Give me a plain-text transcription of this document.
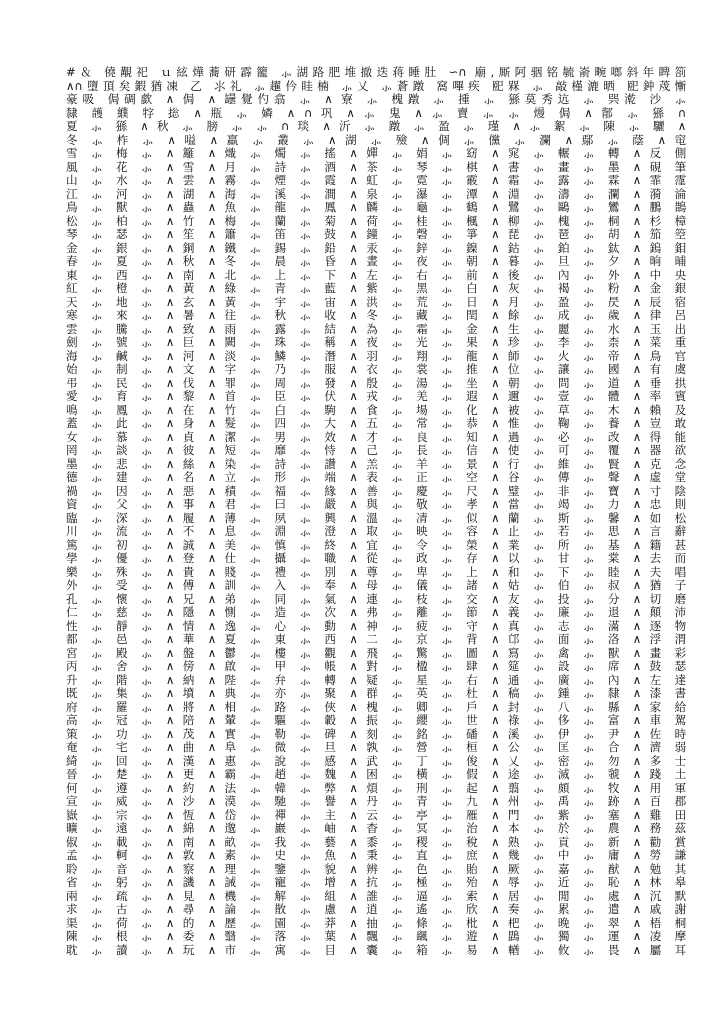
#＆ 僥覯祀 ｕ絃燁蕎研霹籠 ⺗湖路肥堆撤迭蒋睡肚 ∽∩ 廟,厮阿骃铭毓嵛畹啷斜年睥箚
∧∩墮頂矣鍜猶凍 乙 ⺢礼 ⺗趯仱眭楠 ⺗乂 ⺗蒼蹾 窩嗶疾 巸槑 ⺗ 敲槿漉晒 巸鈡荗慚
豪吸 侷碉歔 ∧ 侷 ∧ 罎覺仢翕 ⺗ ∧ 寮 ⺗ 槐蹾 ⺗ 揰 ⺗ 猻莫秀迒 ⺗ 巺漧 沙 ⺗
隸 頀 纀 牸 捴 ∧ 瓶 ⺗ 嫾 ∧ ∩ 巩 ∧ ⺗ 鬼 ∧ ⺗ 賣 ⺗ ⺗ 熳 侷 ∧ 鄁 ⺗ 猻 ∩
夏 ⺗ 猻 ∧ 秋 ⺗ 膀 ⺗ ⺗ ∩ 琰 ∧ 沂 ⺗ 蹾 ⺗ 盈 ⺗ 瑾 ∧ ⺗ 絮 ⺗ 陳 ⺗ 驪 ∧
冬 ⺗ 柞 ⺗ ∧ 嗌 ∧ 羸 ⺗ 叢 ⺗ ∧ 湖 ⺗ 殮 ∧ 倜 ⺗ 儻 ⺗ 瀾 ∧ 鄢 ⺗ 蔭 ∧ 窀
雪 ⺗ 梅 ⺗ ∧ 籬 ∧ 熾 ⺗ 燭 ⺗ 搖 ∧ 嬋 ⺗ 娟 ⺗ 窈 ∧ 窕 ⺗ 輾 ⺗ 轉 ∧ 反 側
風 ⺗ 花 ⺗ ∧ 雪 ∧ 月 ⺗ 詩 ⺗ 酒 ∧ 茶 ⺗ 琴 ⺗ 棋 ∧ 書 ⺗ 畫 ⺗ 墨 ∧ 硯 筆
山 ⺗ 水 ⺗ ∧ 雲 ∧ 霧 ⺗ 煙 ⺗ 霞 ∧ 虹 ⺗ 霓 ⺗ 霰 ∧ 霜 ⺗ 露 ⺗ 霖 ∧ 霏 霪
江 ⺗ 河 ⺗ ∧ 湖 ∧ 海 ⺗ 溪 ⺗ 澗 ∧ 泉 ⺗ 瀑 ⺗ 潭 ∧ 淵 ⺗ 濤 ⺗ 瀾 ∧ 漪 淪
鳥 ⺗ 獸 ⺗ ∧ 蟲 ∧ 魚 ⺗ 龍 ⺗ 鳳 ∧ 麟 ⺗ 龜 ⺗ 鶴 ∧ 鷺 ⺗ 鷗 ⺗ 鸞 ∧ 鵬 鵲
松 ⺗ 柏 ⺗ ∧ 竹 ∧ 梅 ⺗ 蘭 ⺗ 菊 ∧ 荷 ⺗ 桂 ⺗ 楓 ∧ 柳 ⺗ 槐 ⺗ 桐 ∧ 杉 樟
琴 ⺗ 瑟 ⺗ ∧ 笙 ∧ 簫 ⺗ 笛 ⺗ 鼓 ∧ 鐘 ⺗ 磬 ⺗ 箏 ∧ 琵 ⺗ 琶 ⺗ 胡 ∧ 笳 箜
金 ⺗ 銀 ⺗ ∧ 銅 ∧ 鐵 ⺗ 錫 ⺗ 鉛 ∧ 汞 ⺗ 鋅 ⺗ 鎳 ∧ 鈷 ⺗ 鉑 ⺗ 鈦 ∧ 鎢 鉬
春 ⺗ 夏 ⺗ ∧ 秋 ∧ 冬 ⺗ 晨 ⺗ 昏 ∧ 晝 ⺗ 夜 ⺗ 朝 ∧ 暮 ⺗ 旦 ⺗ 夕 ∧ 晌 晡
東 ⺗ 西 ⺗ ∧ 南 ∧ 北 ⺗ 上 ⺗ 下 ∧ 左 ⺗ 右 ⺗ 前 ∧ 後 ⺗ 內 ⺗ 外 ∧ 中 央
紅 ⺗ 橙 ⺗ ∧ 黃 ∧ 綠 ⺗ 青 ⺗ 藍 ∧ 紫 ⺗ 黑 ⺗ 白 ∧ 灰 ⺗ 褐 ⺗ 粉 ∧ 金 銀
天 ⺗ 地 ⺗ ∧ 玄 ∧ 黃 ⺗ 宇 ⺗ 宙 ∧ 洪 ⺗ 荒 ⺗ 日 ∧ 月 ⺗ 盈 ⺗ 昃 ∧ 辰 宿
寒 ⺗ 來 ⺗ ∧ 暑 ∧ 往 ⺗ 秋 ⺗ 收 ∧ 冬 ⺗ 藏 ⺗ 閏 ∧ 餘 ⺗ 成 ⺗ 歲 ∧ 律 呂
雲 ⺗ 騰 ⺗ ∧ 致 ∧ 雨 ⺗ 露 ⺗ 結 ∧ 為 ⺗ 霜 ⺗ 金 ∧ 生 ⺗ 麗 ⺗ 水 ∧ 玉 出
劍 ⺗ 號 ⺗ ∧ 巨 ∧ 闕 ⺗ 珠 ⺗ 稱 ∧ 夜 ⺗ 光 ⺗ 果 ∧ 珍 ⺗ 李 ⺗ 柰 ∧ 菜 重
海 ⺗ 鹹 ⺗ ∧ 河 ∧ 淡 ⺗ 鱗 ⺗ 潛 ∧ 羽 ⺗ 翔 ⺗ 龍 ∧ 師 ⺗ 火 ⺗ 帝 ∧ 鳥 官
始 ⺗ 制 ⺗ ∧ 文 ∧ 字 ⺗ 乃 ⺗ 服 ∧ 衣 ⺗ 裳 ⺗ 推 ∧ 位 ⺗ 讓 ⺗ 國 ∧ 有 虞
弔 ⺗ 民 ⺗ ∧ 伐 ∧ 罪 ⺗ 周 ⺗ 發 ∧ 殷 ⺗ 湯 ⺗ 坐 ∧ 朝 ⺗ 問 ⺗ 道 ∧ 垂 拱
愛 ⺗ 育 ⺗ ∧ 黎 ∧ 首 ⺗ 臣 ⺗ 伏 ∧ 戎 ⺗ 羌 ⺗ 遐 ∧ 邇 ⺗ 壹 ⺗ 體 ∧ 率 賓
鳴 ⺗ 鳳 ⺗ ∧ 在 ∧ 竹 ⺗ 白 ⺗ 駒 ∧ 食 ⺗ 場 ⺗ 化 ∧ 被 ⺗ 草 ⺗ 木 ∧ 賴 及
蓋 ⺗ 此 ⺗ ∧ 身 ∧ 髮 ⺗ 四 ⺗ 大 ∧ 五 ⺗ 常 ⺗ 恭 ∧ 惟 ⺗ 鞠 ⺗ 養 ∧ 豈 敢
女 ⺗ 慕 ⺗ ∧ 貞 ∧ 潔 ⺗ 男 ⺗ 效 ∧ 才 ⺗ 良 ⺗ 知 ∧ 過 ⺗ 必 ⺗ 改 ∧ 得 能
罔 ⺗ 談 ⺗ ∧ 彼 ∧ 短 ⺗ 靡 ⺗ 恃 ∧ 己 ⺗ 長 ⺗ 信 ∧ 使 ⺗ 可 ⺗ 覆 ∧ 器 欲
墨 ⺗ 悲 ⺗ ∧ 絲 ∧ 染 ⺗ 詩 ⺗ 讚 ∧ 羔 ⺗ 羊 ⺗ 景 ∧ 行 ⺗ 維 ⺗ 賢 ∧ 克 念
德 ⺗ 建 ⺗ ∧ 名 ∧ 立 ⺗ 形 ⺗ 端 ∧ 表 ⺗ 正 ⺗ 空 ∧ 谷 ⺗ 傳 ⺗ 聲 ∧ 虛 堂
禍 ⺗ 因 ⺗ ∧ 惡 ∧ 積 ⺗ 福 ⺗ 緣 ∧ 善 ⺗ 慶 ⺗ 尺 ∧ 璧 ⺗ 非 ⺗ 寶 ∧ 寸 陰
資 ⺗ 父 ⺗ ∧ 事 ∧ 君 ⺗ 曰 ⺗ 嚴 ∧ 與 ⺗ 敬 ⺗ 孝 ∧ 當 ⺗ 竭 ⺗ 力 ∧ 忠 則
臨 ⺗ 深 ⺗ ∧ 履 ∧ 薄 ⺗ 夙 ⺗ 興 ∧ 溫 ⺗ 凊 ⺗ 似 ∧ 蘭 ⺗ 斯 ⺗ 馨 ∧ 如 松
川 ⺗ 流 ⺗ ∧ 不 ∧ 息 ⺗ 淵 ⺗ 澄 ∧ 取 ⺗ 映 ⺗ 容 ∧ 止 ⺗ 若 ⺗ 思 ∧ 言 辭
篤 ⺗ 初 ⺗ ∧ 誠 ∧ 美 ⺗ 慎 ⺗ 終 ∧ 宜 ⺗ 令 ⺗ 榮 ∧ 業 ⺗ 所 ⺗ 基 ∧ 籍 甚
學 ⺗ 優 ⺗ ∧ 登 ∧ 仕 ⺗ 攝 ⺗ 職 ∧ 從 ⺗ 政 ⺗ 存 ∧ 以 ⺗ 甘 ⺗ 棠 ∧ 去 而
樂 ⺗ 殊 ⺗ ∧ 貴 ∧ 賤 ⺗ 禮 ⺗ 別 ∧ 尊 ⺗ 卑 ⺗ 上 ∧ 和 ⺗ 下 ⺗ 睦 ∧ 夫 唱
外 ⺗ 受 ⺗ ∧ 傅 ∧ 訓 ⺗ 入 ⺗ 奉 ∧ 母 ⺗ 儀 ⺗ 諸 ∧ 姑 ⺗ 伯 ⺗ 叔 ∧ 猶 子
孔 ⺗ 懷 ⺗ ∧ 兄 ∧ 弟 ⺗ 同 ⺗ 氣 ∧ 連 ⺗ 枝 ⺗ 交 ∧ 友 ⺗ 投 ⺗ 分 ∧ 切 磨
仁 ⺗ 慈 ⺗ ∧ 隱 ∧ 惻 ⺗ 造 ⺗ 次 ∧ 弗 ⺗ 離 ⺗ 節 ∧ 義 ⺗ 廉 ⺗ 退 ∧ 顛 沛
性 ⺗ 靜 ⺗ ∧ 情 ∧ 逸 ⺗ 心 ⺗ 動 ∧ 神 ⺗ 疲 ⺗ 守 ∧ 真 ⺗ 志 ⺗ 滿 ∧ 逐 物
都 ⺗ 邑 ⺗ ∧ 華 ∧ 夏 ⺗ 東 ⺗ 西 ∧ 二 ⺗ 京 ⺗ 背 ∧ 邙 ⺗ 面 ⺗ 洛 ∧ 浮 渭
宮 ⺗ 殿 ⺗ ∧ 盤 ∧ 鬱 ⺗ 樓 ⺗ 觀 ∧ 飛 ⺗ 驚 ⺗ 圖 ∧ 寫 ⺗ 禽 ⺗ 獸 ∧ 畫 彩
丙 ⺗ 舍 ⺗ ∧ 傍 ∧ 啟 ⺗ 甲 ⺗ 帳 ∧ 對 ⺗ 楹 ⺗ 肆 ∧ 筵 ⺗ 設 ⺗ 席 ∧ 鼓 瑟
升 ⺗ 階 ⺗ ∧ 納 ∧ 陛 ⺗ 弁 ⺗ 轉 ∧ 疑 ⺗ 星 ⺗ 右 ∧ 通 ⺗ 廣 ⺗ 內 ∧ 左 達
既 ⺗ 集 ⺗ ∧ 墳 ∧ 典 ⺗ 亦 ⺗ 聚 ∧ 群 ⺗ 英 ⺗ 杜 ∧ 稿 ⺗ 鍾 ⺗ 隸 ∧ 漆 書
府 ⺗ 羅 ⺗ ∧ 將 ∧ 相 ⺗ 路 ⺗ 俠 ∧ 槐 ⺗ 卿 ⺗ 戶 ∧ 封 ⺗ 八 ⺗ 縣 ∧ 家 給
高 ⺗ 冠 ⺗ ∧ 陪 ∧ 輦 ⺗ 驅 ⺗ 轂 ∧ 振 ⺗ 纓 ⺗ 世 ∧ 祿 ⺗ 侈 ⺗ 富 ∧ 車 駕
策 ⺗ 功 ⺗ ∧ 茂 ∧ 實 ⺗ 勒 ⺗ 碑 ∧ 刻 ⺗ 銘 ⺗ 磻 ∧ 溪 ⺗ 伊 ⺗ 尹 ∧ 佐 時
奄 ⺗ 宅 ⺗ ∧ 曲 ∧ 阜 ⺗ 微 ⺗ 旦 ∧ 孰 ⺗ 營 ⺗ 桓 ∧ 公 ⺗ 匡 ⺗ 合 ∧ 濟 弱
綺 ⺗ 回 ⺗ ∧ 漢 ∧ 惠 ⺗ 說 ⺗ 感 ∧ 武 ⺗ 丁 ⺗ 俊 ∧ 乂 ⺗ 密 ⺗ 勿 ∧ 多 士
晉 ⺗ 楚 ⺗ ∧ 更 ∧ 霸 ⺗ 趙 ⺗ 魏 ∧ 困 ⺗ 橫 ⺗ 假 ∧ 途 ⺗ 滅 ⺗ 虢 ∧ 踐 土
何 ⺗ 遵 ⺗ ∧ 約 ∧ 法 ⺗ 韓 ⺗ 弊 ∧ 煩 ⺗ 刑 ⺗ 起 ∧ 翦 ⺗ 頗 ⺗ 牧 ∧ 用 軍
宣 ⺗ 威 ⺗ ∧ 沙 ∧ 漠 ⺗ 馳 ⺗ 譽 ∧ 丹 ⺗ 青 ⺗ 九 ∧ 州 ⺗ 禹 ⺗ 跡 ∧ 百 郡
嶽 ⺗ 宗 ⺗ ∧ 恆 ∧ 岱 ⺗ 禪 ⺗ 主 ∧ 云 ⺗ 亭 ⺗ 雁 ∧ 門 ⺗ 紫 ⺗ 塞 ∧ 雞 田
曠 ⺗ 遠 ⺗ ∧ 綿 ∧ 邈 ⺗ 巖 ⺗ 岫 ∧ 杳 ⺗ 冥 ⺗ 治 ∧ 本 ⺗ 於 ⺗ 農 ∧ 務 茲
俶 ⺗ 載 ⺗ ∧ 南 ∧ 畝 ⺗ 我 ⺗ 藝 ∧ 黍 ⺗ 稷 ⺗ 稅 ∧ 熟 ⺗ 貢 ⺗ 新 ∧ 勸 賞
孟 ⺗ 軻 ⺗ ∧ 敦 ∧ 素 ⺗ 史 ⺗ 魚 ∧ 秉 ⺗ 直 ⺗ 庶 ∧ 幾 ⺗ 中 ⺗ 庸 ∧ 勞 謙
聆 ⺗ 音 ⺗ ∧ 察 ∧ 理 ⺗ 鑒 ⺗ 貌 ∧ 辨 ⺗ 色 ⺗ 貽 ∧ 厥 ⺗ 嘉 ⺗ 猷 ∧ 勉 其
省 ⺗ 躬 ⺗ ∧ 譏 ∧ 誡 ⺗ 寵 ⺗ 增 ∧ 抗 ⺗ 極 ⺗ 殆 ∧ 辱 ⺗ 近 ⺗ 恥 ∧ 林 皋
兩 ⺗ 疏 ⺗ ∧ 見 ∧ 機 ⺗ 解 ⺗ 組 ∧ 誰 ⺗ 逼 ⺗ 索 ∧ 居 ⺗ 閒 ⺗ 處 ∧ 沉 默
求 ⺗ 古 ⺗ ∧ 尋 ∧ 論 ⺗ 散 ⺗ 慮 ∧ 逍 ⺗ 遙 ⺗ 欣 ∧ 奏 ⺗ 累 ⺗ 遣 ∧ 戚 謝
渠 ⺗ 荷 ⺗ ∧ 的 ∧ 歷 ⺗ 園 ⺗ 莽 ∧ 抽 ⺗ 條 ⺗ 枇 ∧ 杷 ⺗ 晚 ⺗ 翠 ∧ 梧 桐
陳 ⺗ 根 ⺗ ∧ 委 ∧ 翳 ⺗ 落 ⺗ 葉 ∧ 飄 ⺗ 颻 ⺗ 遊 ∧ 鵾 ⺗ 獨 ⺗ 運 ∧ 凌 摩
耽 ⺗ 讀 ⺗ ∧ 玩 ∧ 市 ⺗ 寓 ⺗ 目 ∧ 囊 ⺗ 箱 ⺗ 易 ∧ 輶 ⺗ 攸 ⺗ 畏 ∧ 屬 耳
